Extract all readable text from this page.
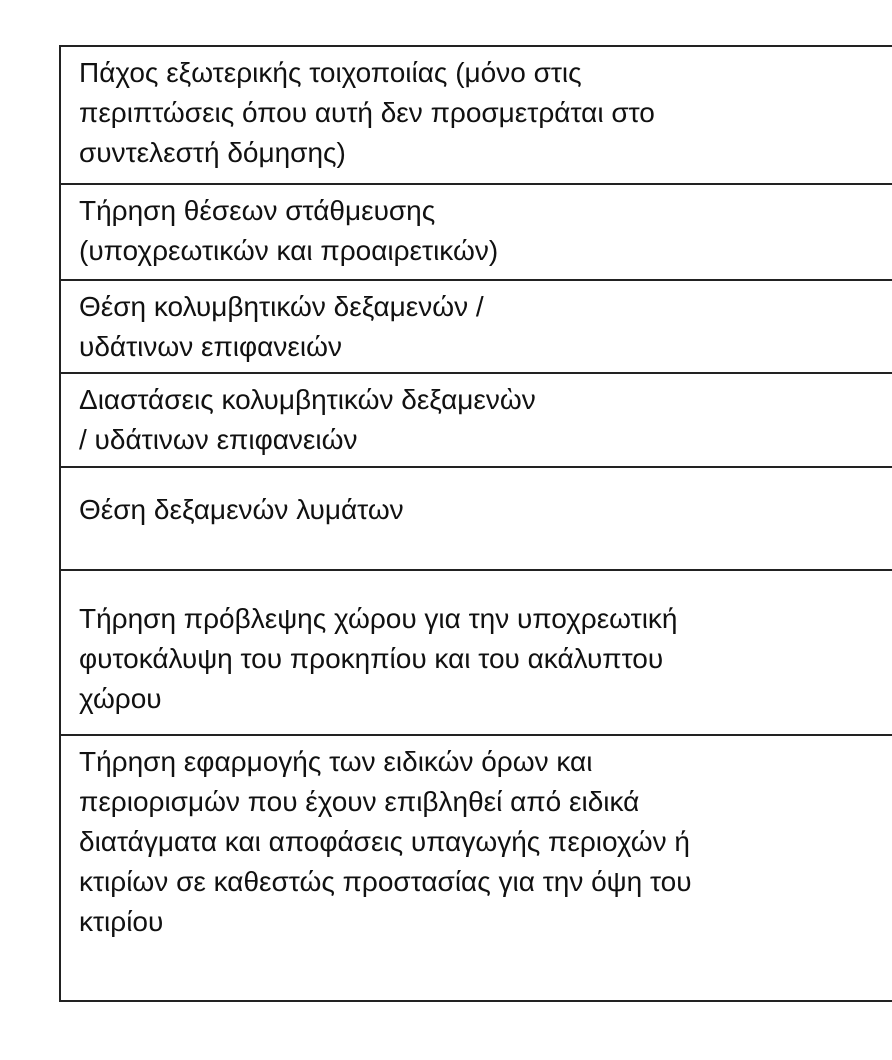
Πάχος εξωτερικής τοιχοποιίας (μόνο στις
περιπτώσεις όπου αυτή δεν προσμετράται στο
συντελεστή δόμησης)
Τήρηση θέσεων στάθμευσης
(υποχρεωτικών και προαιρετικών)
Θέση κολυμβητικών δεξαμενών /
υδάτινων επιφανειών
Διαστάσεις κολυμβητικών δεξαμενὼν
/ υδάτινων επιφανειών
Θέση δεξαμενών λυμάτων
Τήρηση πρόβλεψης χώρου για την υποχρεωτική
φυτοκάλυψη του προκηπίου και του ακάλυπτου
χώρου
Τήρηση εφαρμογής των ειδικών όρων και
περιορισμών που έχουν επιβληθεί από ειδικά
διατάγματα και αποφάσεις υπαγωγής περιοχών ή
κτιρίων σε καθεστώς προστασίας για την όψη του
κτιρίου
